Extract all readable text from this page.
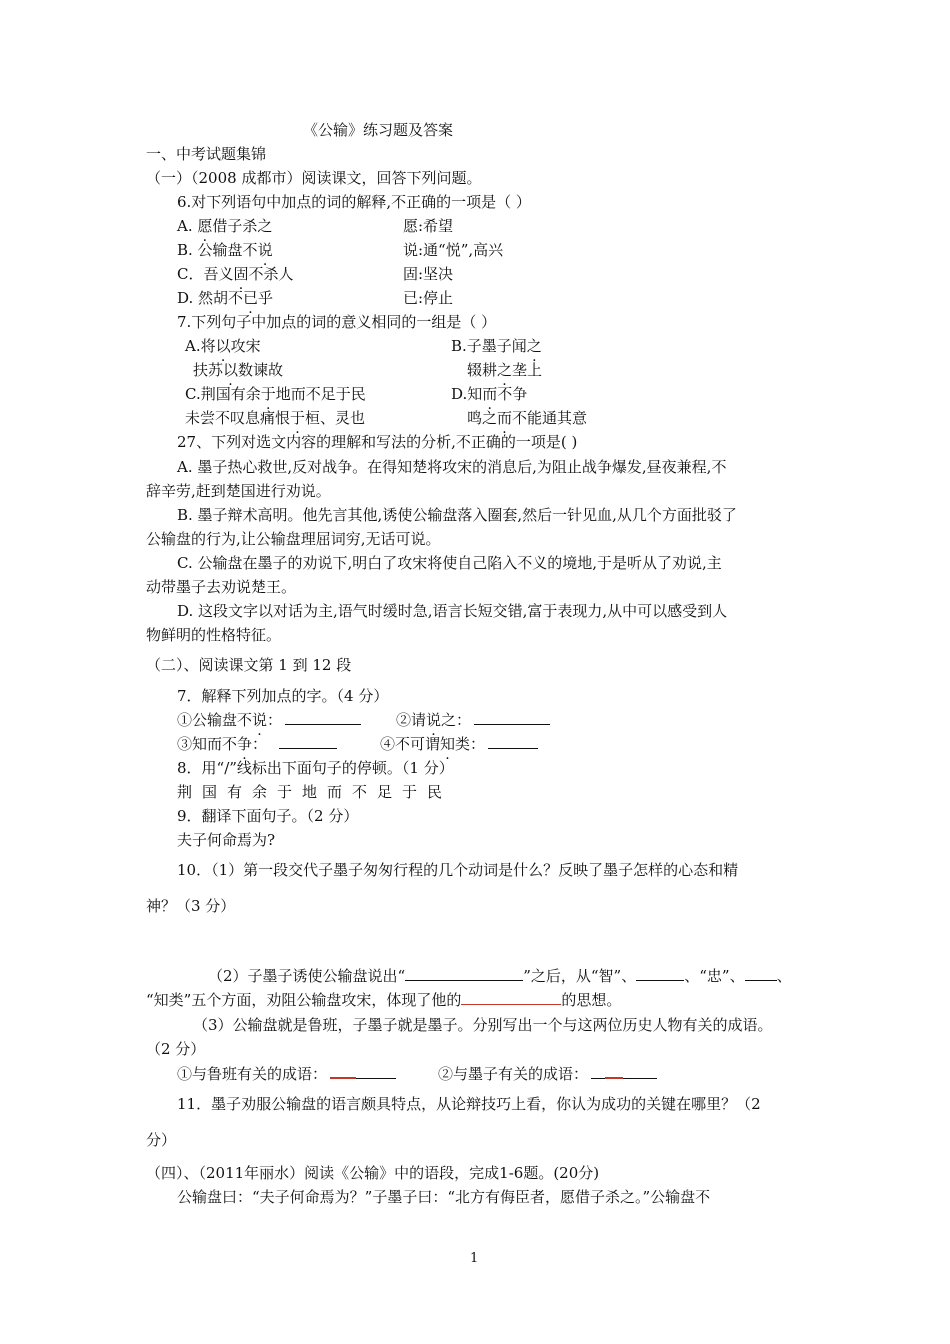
《公输》练习题及答案
一、中考试题集锦
（一）（2008 成都市）阅读课文，回答下列问题。
6.对下列语句中加点的词的解释,不正确的一项是（ ）
A. 愿借子杀之	愿:希望
B. 公输盘不说	说:通“悦”,高兴
C．吾义固不杀人	固:坚决
D. 然胡不已乎	已:停止
7.下列句子中加点的词的意义相同的一组是（ ）
A.将以攻宋	B.子墨子闻之
扶苏以数谏故	辍耕之垄上
C.荆国有余于地而不足于民	D.知而不争
未尝不叹息痛恨于桓、灵也	鸣之而不能通其意
27、下列对选文内容的理解和写法的分析,不正确的一项是( )
A. 墨子热心救世,反对战争。在得知楚将攻宋的消息后,为阻止战争爆发,昼夜兼程,不
辞辛劳,赶到楚国进行劝说。
B. 墨子辩术高明。他先言其他,诱使公输盘落入圈套,然后一针见血,从几个方面批驳了
公输盘的行为,让公输盘理屈词穷,无话可说。
C. 公输盘在墨子的劝说下,明白了攻宋将使自己陷入不义的境地,于是听从了劝说,主
动带墨子去劝说楚王。
D. 这段文字以对话为主,语气时缓时急,语言长短交错,富于表现力,从中可以感受到人
物鲜明的性格特征。
（二）、阅读课文第 1 到 12 段
7．解释下列加点的字。（4 分）
①公输盘不说：	②请说之：
③知而不争：	④不可谓知类：
8．用“/”线标出下面句子的停顿。（1 分）
荆国有余于地而不足于民
9．翻译下面句子。（2 分）
夫子何命焉为?
10．（1）第一段交代子墨子匆匆行程的几个动词是什么？反映了墨子怎样的心态和精
神？（3 分）
（2）子墨子诱使公输盘说出“	”之后，从“智”、	、“忠”、 、
“知类”五个方面，劝阻公输盘攻宋，体现了他的	的思想。
（3）公输盘就是鲁班，子墨子就是墨子。分别写出一个与这两位历史人物有关的成语。
（2 分）
①与鲁班有关的成语：	②与墨子有关的成语：
11．墨子劝服公输盘的语言颇具特点，从论辩技巧上看，你认为成功的关键在哪里？（2
分）
（四）、（2011年丽水）阅读《公输》中的语段，完成1-6题。(20分)
公输盘曰：“夫子何命焉为？”子墨子曰：“北方有侮臣者，愿借子杀之。”公输盘不
1
